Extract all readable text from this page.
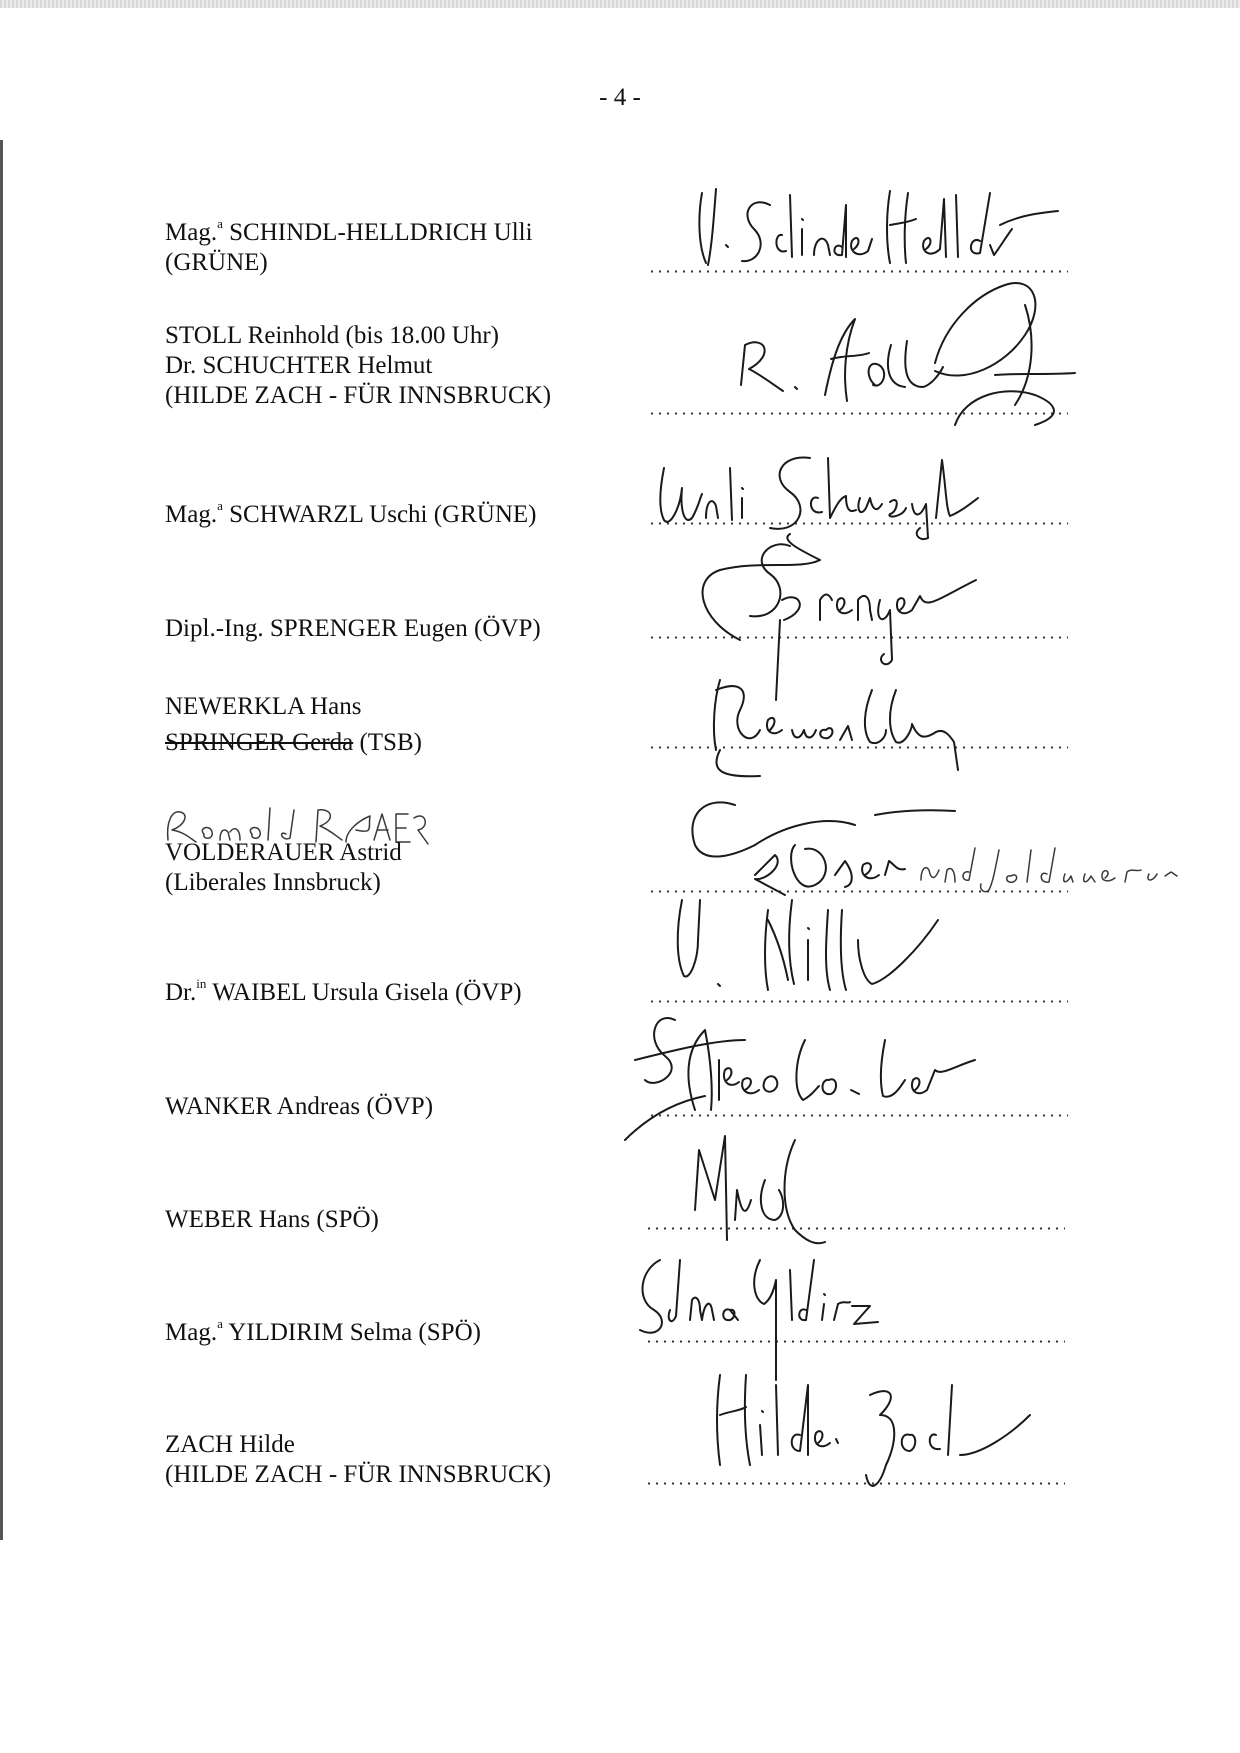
- 4 -
Mag.$^a$ SCHINDL-HELLDRICH Ulli
(GRÜNE)
STOLL Reinhold (bis 18.00 Uhr)
Dr. SCHUCHTER Helmut
(HILDE ZACH - FÜR INNSBRUCK)
Mag.$^a$ SCHWARZL Uschi (GRÜNE)
Dipl.-Ing. SPRENGER Eugen (ÖVP)
NEWERKLA Hans
SPRINGER Gerda (TSB)
VOLDERAUER Astrid
(Liberales Innsbruck)
Dr.$^{in}$ WAIBEL Ursula Gisela (ÖVP)
WANKER Andreas (ÖVP)
WEBER Hans (SPÖ)
Mag.$^a$ YILDIRIM Selma (SPÖ)
ZACH Hilde
(HILDE ZACH - FÜR INNSBRUCK)
